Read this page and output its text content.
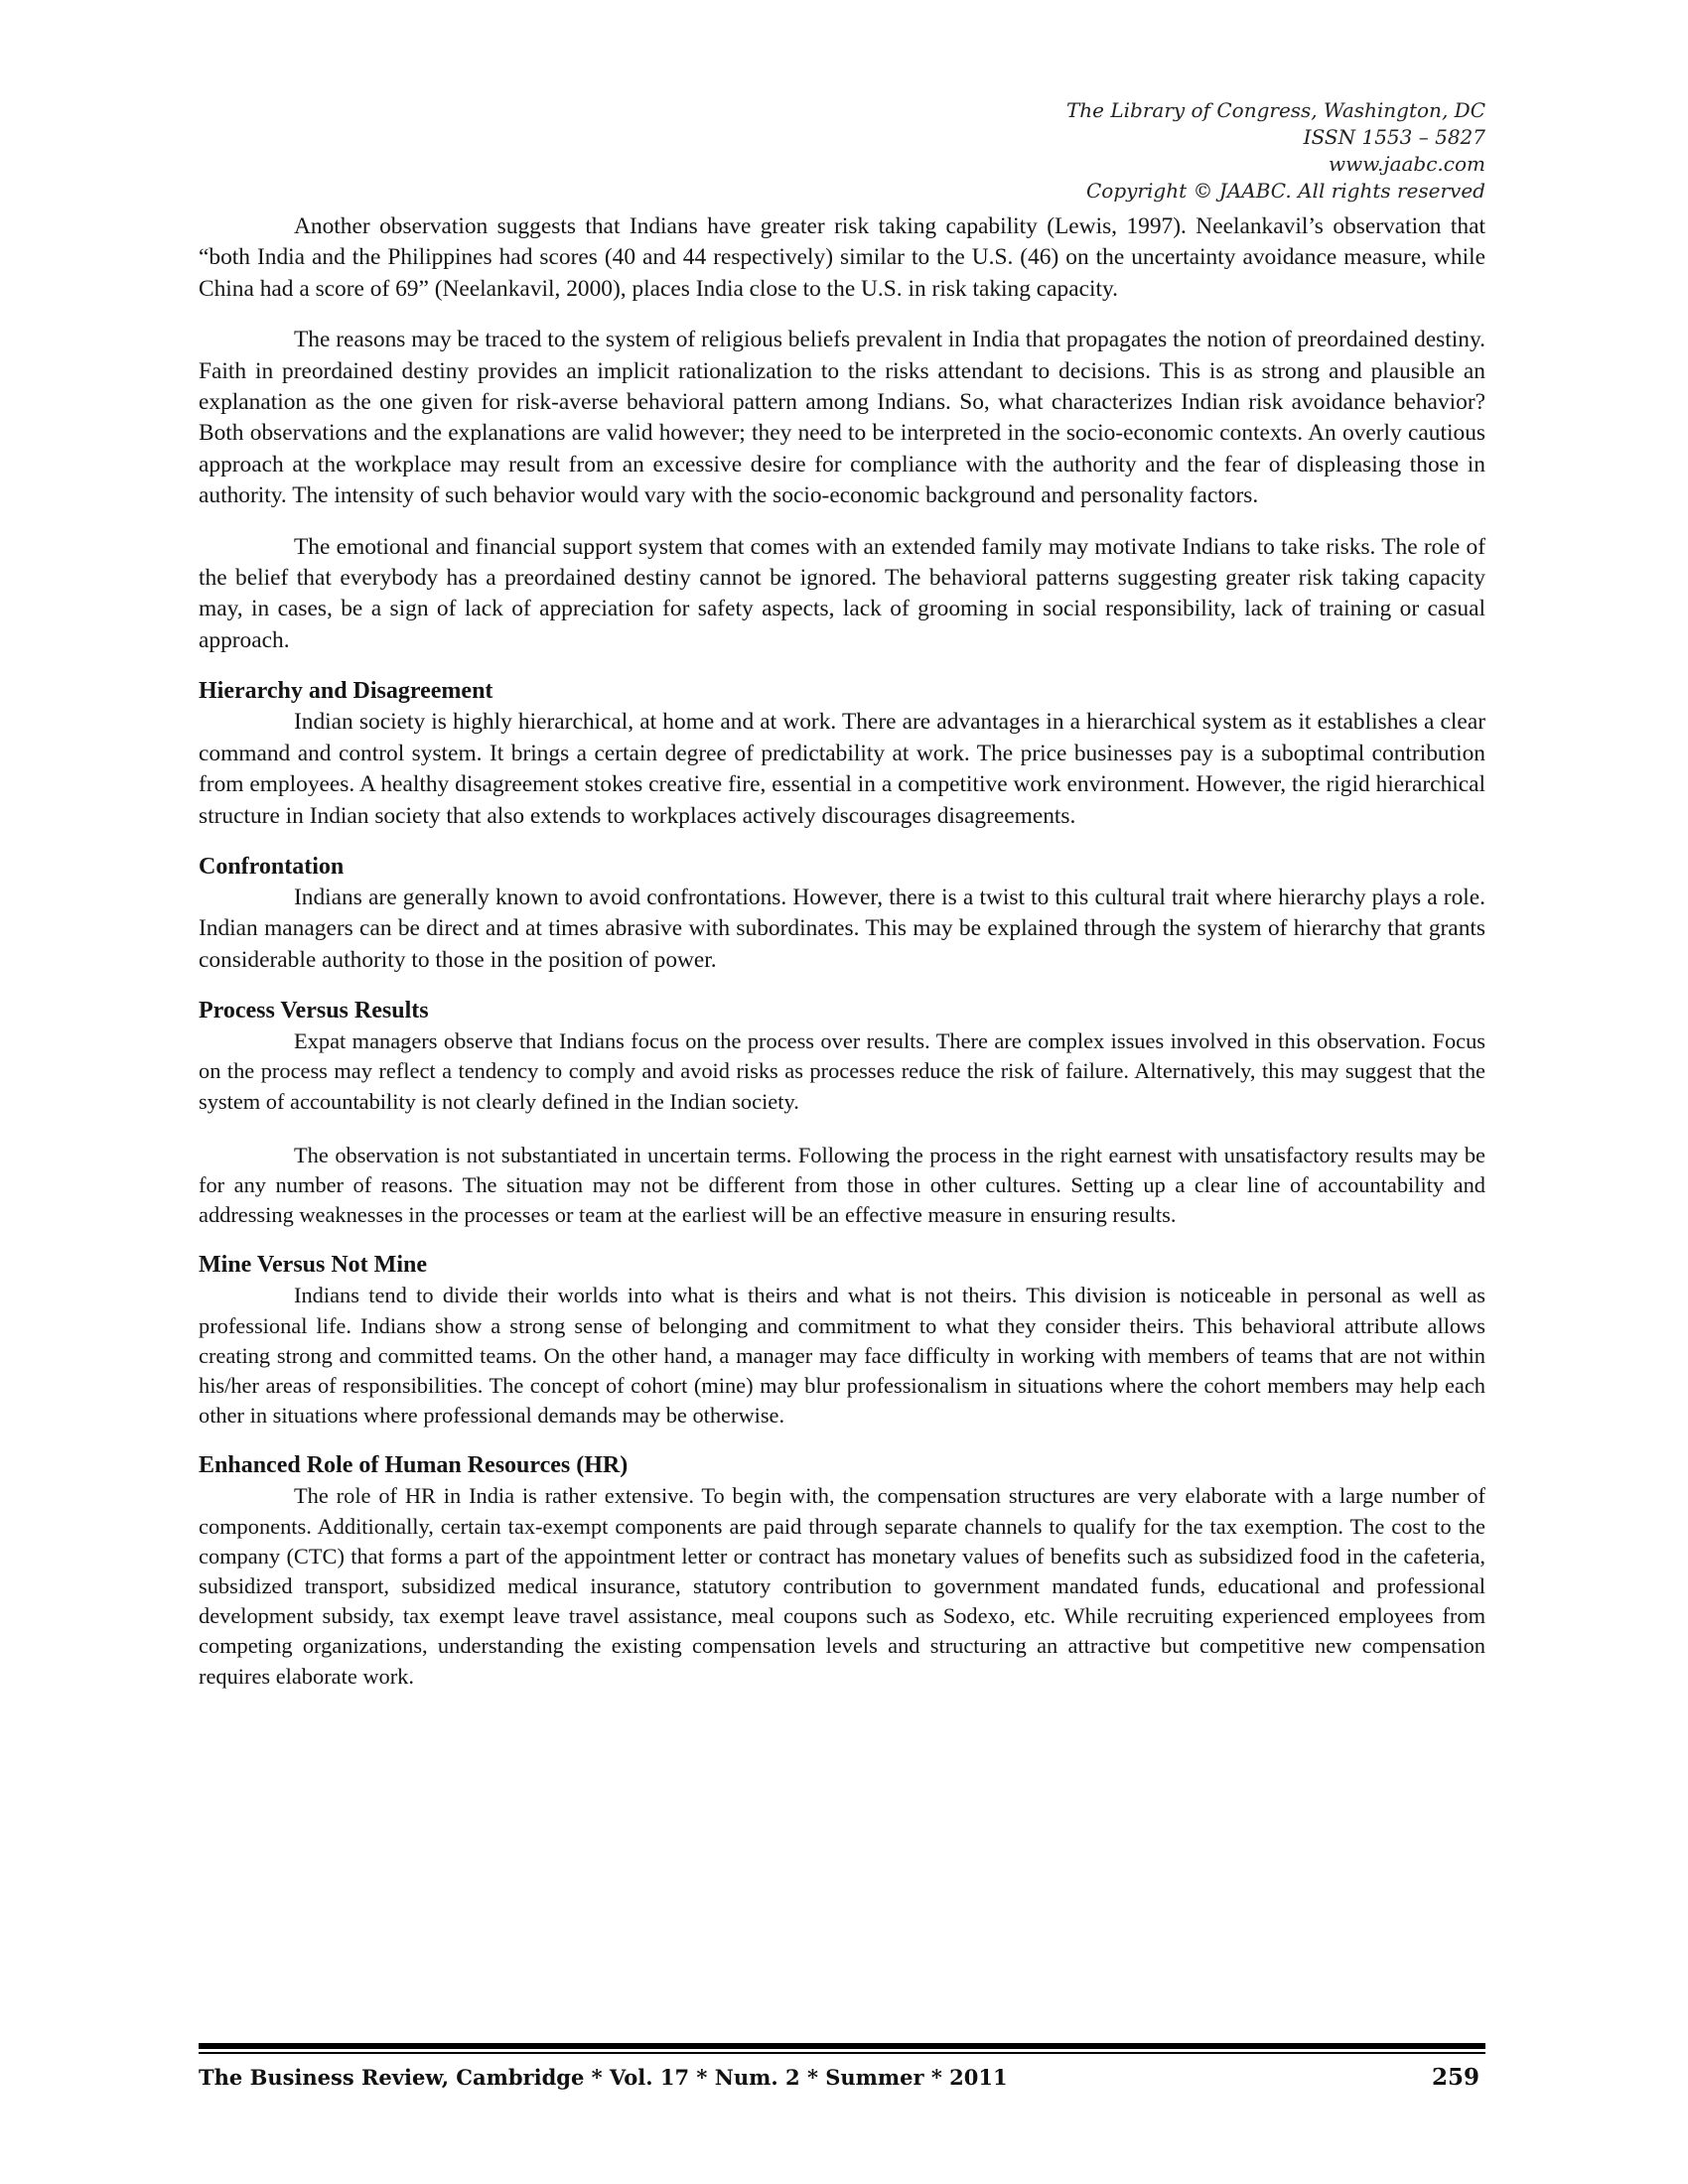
The Library of Congress, Washington, DC
ISSN 1553 – 5827
www.jaabc.com
Copyright © JAABC. All rights reserved

Another observation suggests that Indians have greater risk taking capability (Lewis, 1997). Neelankavil’s observation that “both India and the Philippines had scores (40 and 44 respectively) similar to the U.S. (46) on the uncertainty avoidance measure, while China had a score of 69” (Neelankavil, 2000), places India close to the U.S. in risk taking capacity.

The reasons may be traced to the system of religious beliefs prevalent in India that propagates the notion of preordained destiny. Faith in preordained destiny provides an implicit rationalization to the risks attendant to decisions. This is as strong and plausible an explanation as the one given for risk-averse behavioral pattern among Indians. So, what characterizes Indian risk avoidance behavior? Both observations and the explanations are valid however; they need to be interpreted in the socio-economic contexts. An overly cautious approach at the workplace may result from an excessive desire for compliance with the authority and the fear of displeasing those in authority. The intensity of such behavior would vary with the socio-economic background and personality factors.

The emotional and financial support system that comes with an extended family may motivate Indians to take risks. The role of the belief that everybody has a preordained destiny cannot be ignored. The behavioral patterns suggesting greater risk taking capacity may, in cases, be a sign of lack of appreciation for safety aspects, lack of grooming in social responsibility, lack of training or casual approach.

Hierarchy and Disagreement

Indian society is highly hierarchical, at home and at work. There are advantages in a hierarchical system as it establishes a clear command and control system. It brings a certain degree of predictability at work. The price businesses pay is a suboptimal contribution from employees. A healthy disagreement stokes creative fire, essential in a competitive work environment. However, the rigid hierarchical structure in Indian society that also extends to workplaces actively discourages disagreements.

Confrontation

Indians are generally known to avoid confrontations. However, there is a twist to this cultural trait where hierarchy plays a role. Indian managers can be direct and at times abrasive with subordinates. This may be explained through the system of hierarchy that grants considerable authority to those in the position of power.

Process Versus Results

Expat managers observe that Indians focus on the process over results. There are complex issues involved in this observation. Focus on the process may reflect a tendency to comply and avoid risks as processes reduce the risk of failure. Alternatively, this may suggest that the system of accountability is not clearly defined in the Indian society.

The observation is not substantiated in uncertain terms. Following the process in the right earnest with unsatisfactory results may be for any number of reasons. The situation may not be different from those in other cultures. Setting up a clear line of accountability and addressing weaknesses in the processes or team at the earliest will be an effective measure in ensuring results.

Mine Versus Not Mine

Indians tend to divide their worlds into what is theirs and what is not theirs. This division is noticeable in personal as well as professional life. Indians show a strong sense of belonging and commitment to what they consider theirs. This behavioral attribute allows creating strong and committed teams. On the other hand, a manager may face difficulty in working with members of teams that are not within his/her areas of responsibilities. The concept of cohort (mine) may blur professionalism in situations where the cohort members may help each other in situations where professional demands may be otherwise.

Enhanced Role of Human Resources (HR)

The role of HR in India is rather extensive. To begin with, the compensation structures are very elaborate with a large number of components. Additionally, certain tax-exempt components are paid through separate channels to qualify for the tax exemption. The cost to the company (CTC) that forms a part of the appointment letter or contract has monetary values of benefits such as subsidized food in the cafeteria, subsidized transport, subsidized medical insurance, statutory contribution to government mandated funds, educational and professional development subsidy, tax exempt leave travel assistance, meal coupons such as Sodexo, etc. While recruiting experienced employees from competing organizations, understanding the existing compensation levels and structuring an attractive but competitive new compensation requires elaborate work.

The Business Review, Cambridge * Vol. 17 * Num. 2 * Summer * 2011	259
